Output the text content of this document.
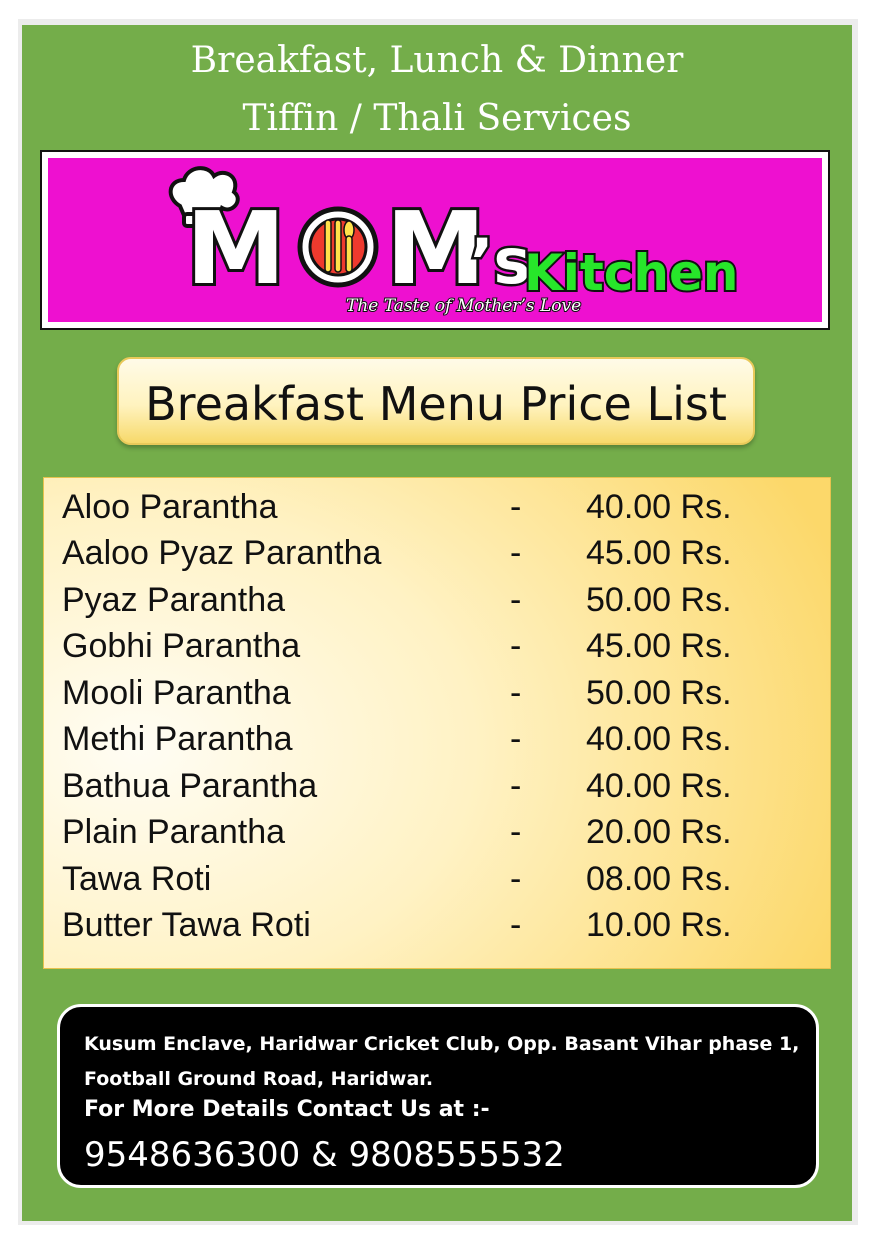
Breakfast, Lunch & Dinner
Tiffin / Thali Services
M M
’s
Kitchen
The Taste of Mother’s Love
Breakfast Menu Price List
Aloo Parantha	- 40.00 Rs.
Aaloo Pyaz Parantha	- 45.00 Rs.
Pyaz Parantha	- 50.00 Rs.
Gobhi Parantha	- 45.00 Rs.
Mooli Parantha	- 50.00 Rs.
Methi Parantha	- 40.00 Rs.
Bathua Parantha	- 40.00 Rs.
Plain Parantha	- 20.00 Rs.
Tawa Roti	- 08.00 Rs.
Butter Tawa Roti	- 10.00 Rs.
Kusum Enclave, Haridwar Cricket Club, Opp. Basant Vihar phase 1,
Football Ground Road, Haridwar.
For More Details Contact Us at :-
9548636300 & 9808555532
